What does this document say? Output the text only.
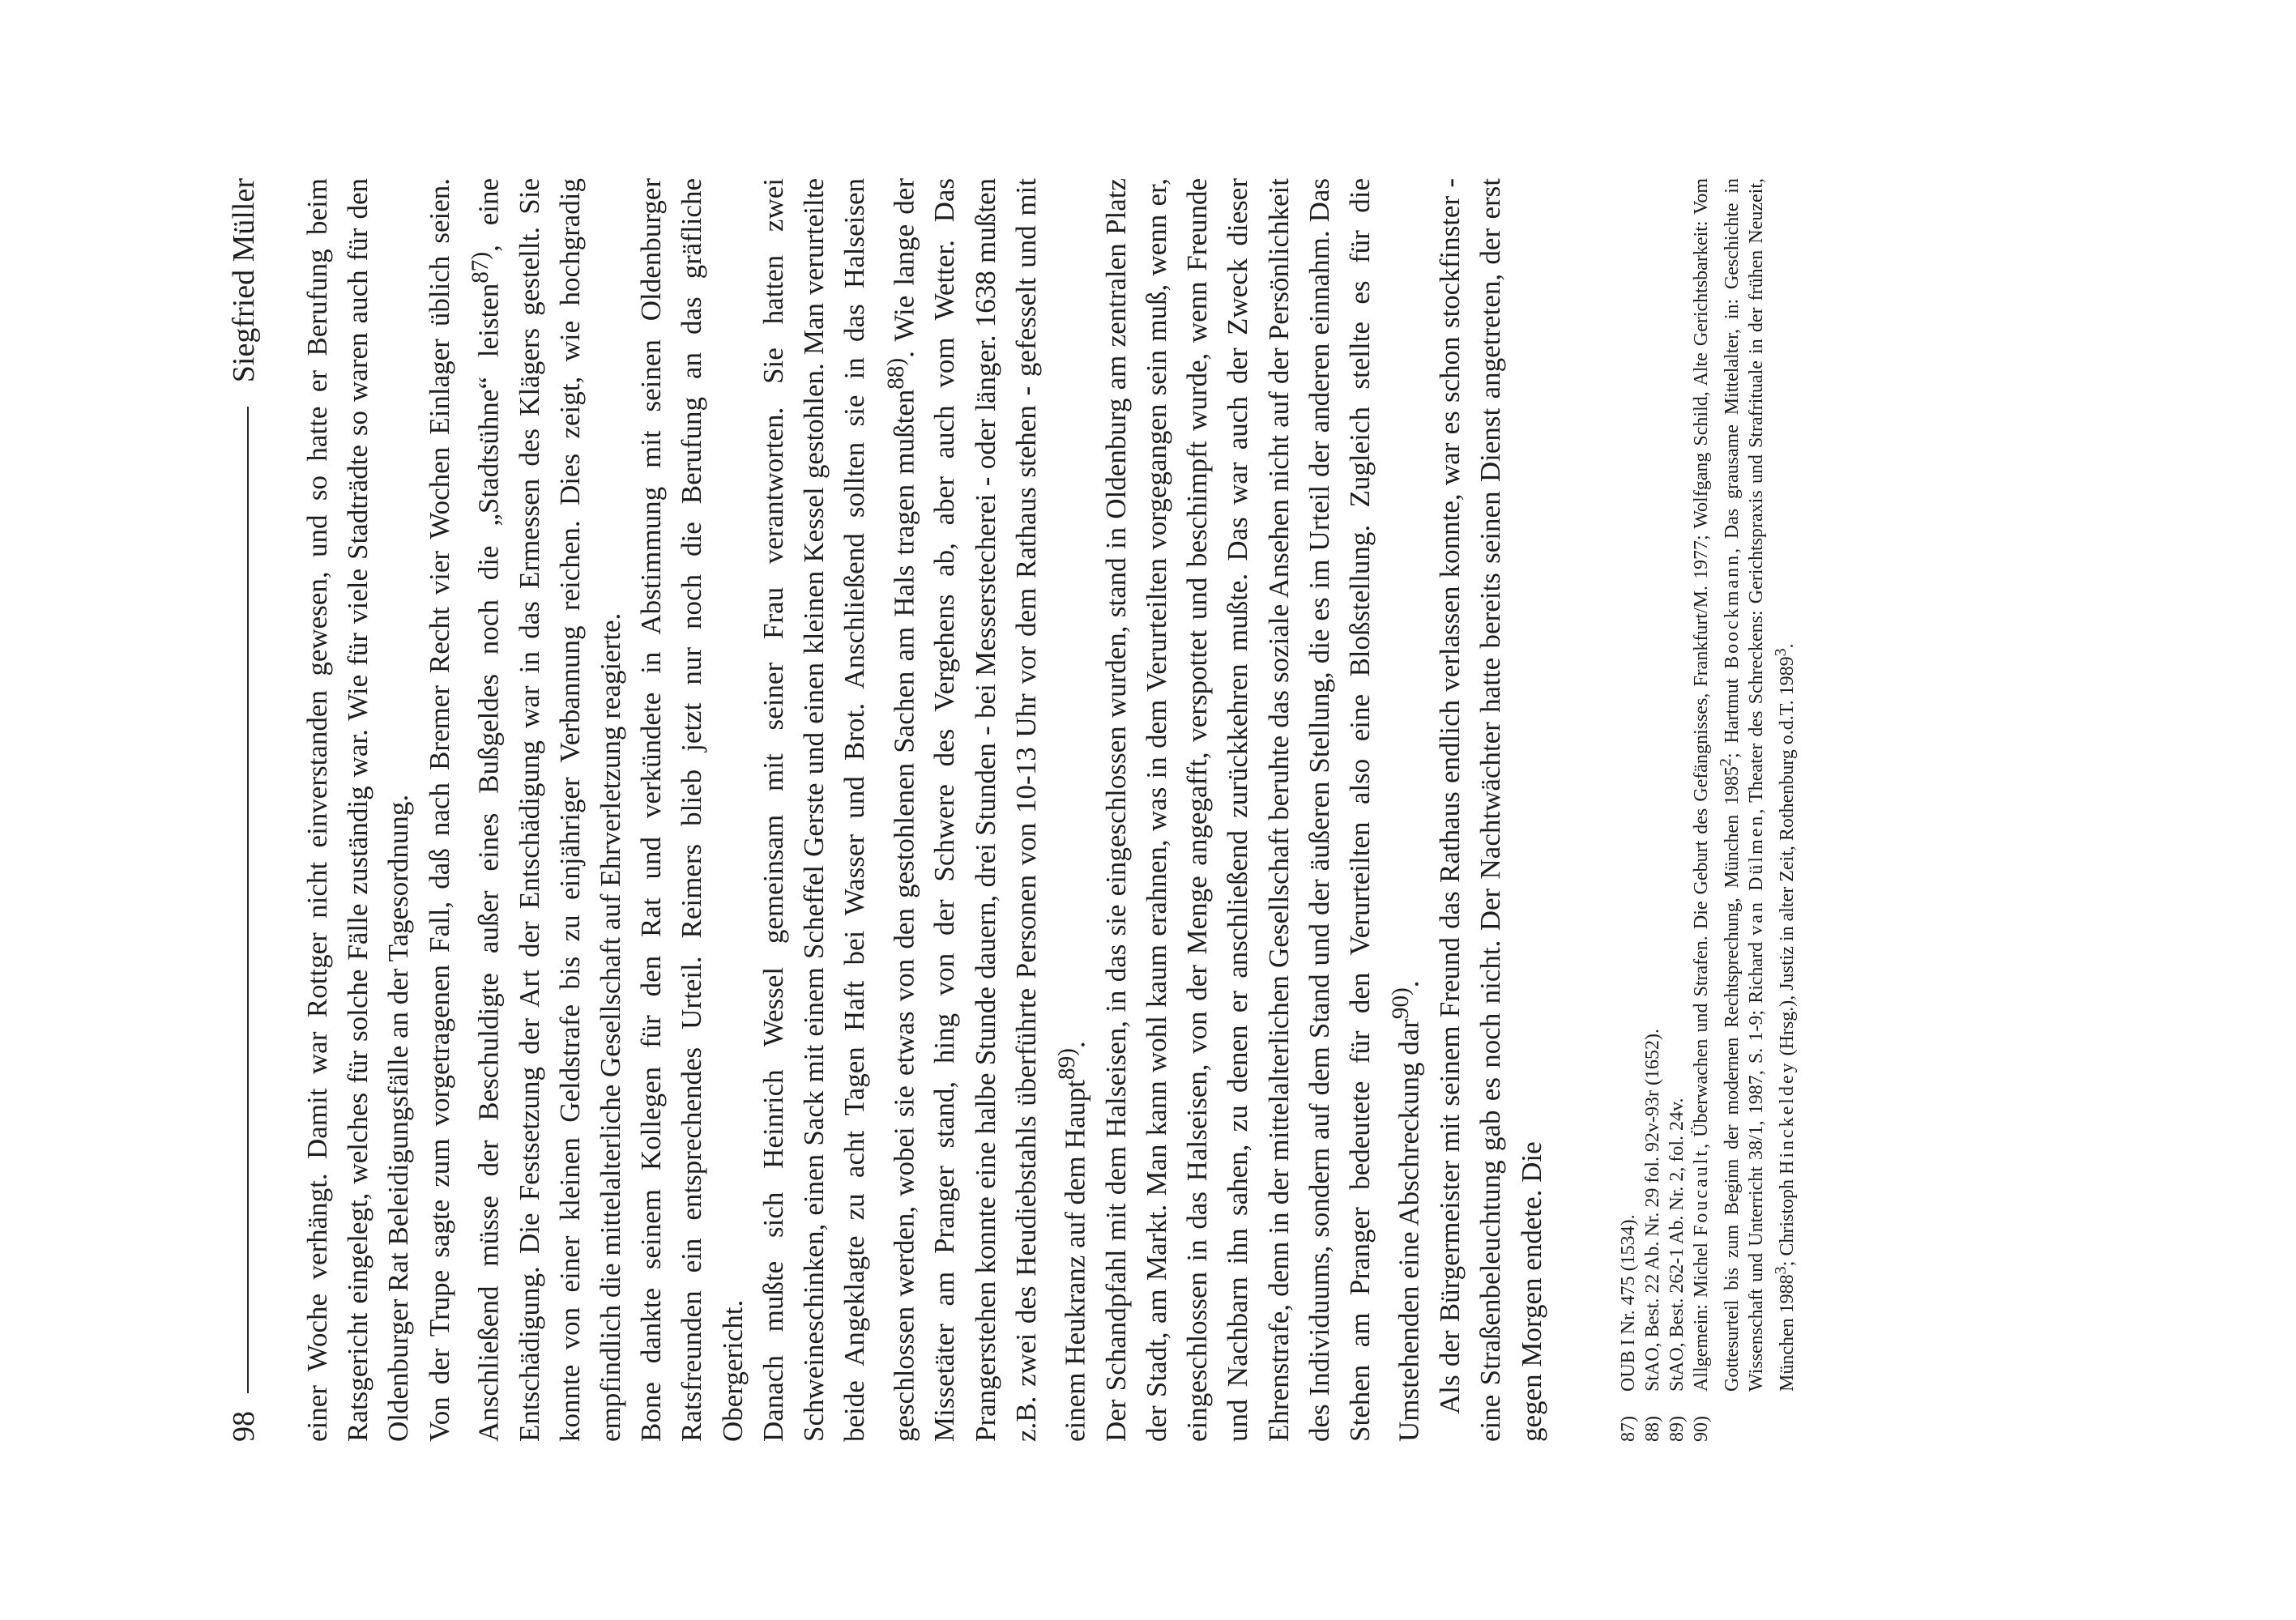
98
Siegfried Müller einer Woche verhängt. Damit war Rottger nicht einverstanden gewesen, und so hatte er Berufung beim Ratsgericht eingelegt, welches für solche Fälle zuständig war. Wie für viele Stadträdte so waren auch für den Oldenburger Rat Beleidigungsfälle an der Tagesordnung. Von der Trupe sagte zum vorgetragenen Fall, daß nach Bremer Recht vier Wochen Einlager üblich seien. Anschließend müsse der Beschuldigte außer eines Bußgeldes noch die „Stadtsühne“ leisten$^{87)}$, eine Entschädigung. Die Festsetzung der Art der Entschädigung war in das Ermessen des Klägers gestellt. Sie konnte von einer kleinen Geldstrafe bis zu einjähriger Verbannung reichen. Dies zeigt, wie hochgradig empfindlich die mittelalterliche Gesellschaft auf Ehrverletzung reagierte. Bone dankte seinem Kollegen für den Rat und verkündete in Abstimmung mit seinen Oldenburger Ratsfreunden ein entsprechendes Urteil. Reimers blieb jetzt nur noch die Berufung an das gräfliche Obergericht. Danach mußte sich Heinrich Wessel gemeinsam mit seiner Frau verantworten. Sie hatten zwei Schweineschinken, einen Sack mit einem Scheffel Gerste und einen kleinen Kessel gestohlen. Man verurteilte beide Angeklagte zu acht Tagen Haft bei Wasser und Brot. Anschließend sollten sie in das Halseisen geschlossen werden, wobei sie etwas von den gestohlenen Sachen am Hals tragen mußten$^{88)}$. Wie lange der Missetäter am Pranger stand, hing von der Schwere des Vergehens ab, aber auch vom Wetter. Das Prangerstehen konnte eine halbe Stunde dauern, drei Stunden - bei Messerstecherei - oder länger. 1638 mußten z.B. zwei des Heudiebstahls überführte Personen von 10-13 Uhr vor dem Rathaus stehen - gefesselt und mit einem Heukranz auf dem Haupt$^{89)}$. Der Schandpfahl mit dem Halseisen, in das sie eingeschlossen wurden, stand in Oldenburg am zentralen Platz der Stadt, am Markt. Man kann wohl kaum erahnen, was in dem Verurteilten vorgegangen sein muß, wenn er, eingeschlossen in das Halseisen, von der Menge angegafft, verspottet und beschimpft wurde, wenn Freunde und Nachbarn ihn sahen, zu denen er anschließend zurückkehren mußte. Das war auch der Zweck dieser Ehrenstrafe, denn in der mittelalterlichen Gesellschaft beruhte das soziale Ansehen nicht auf der Persönlichkeit des Individuums, sondern auf dem Stand und der äußeren Stellung, die es im Urteil der anderen einnahm. Das Stehen am Pranger bedeutete für den Verurteilten also eine Bloßstellung. Zugleich stellte es für die Umstehenden eine Abschreckung dar$^{90)}$. Als der Bürgermeister mit seinem Freund das Rathaus endlich verlassen konnte, war es schon stockfinster - eine Straßenbeleuchtung gab es noch nicht. Der Nachtwächter hatte bereits seinen Dienst angetreten, der erst gegen Morgen endete. Die	87)
OUB I Nr. 475 (1534).
88)
StAO, Best. 22 Ab. Nr. 29 fol. 92v-93r (1652).
89)
StAO, Best. 262-1 Ab. Nr. 2, fol. 24v.
90)
Allgemein: Michel Foucault, Überwachen und Strafen. Die Geburt des Gefängnisses, Frankfurt/M. 1977; Wolfgang Schild, Alte Gerichtsbarkeit: Vom Gottesurteil bis zum Beginn der modernen Rechtsprechung, München 1985$^2$; Hartmut Boockmann, Das grausame Mittelalter, in: Geschichte in Wissenschaft und Unterricht 38/1, 1987, S. 1-9; Richard van Dülmen, Theater des Schreckens: Gerichtspraxis und Strafrituale in der frühen Neuzeit, München 1988$^3$; Christoph Hinckeldey (Hrsg.), Justiz in alter Zeit, Rothenburg o.d.T. 1989$^3$.
